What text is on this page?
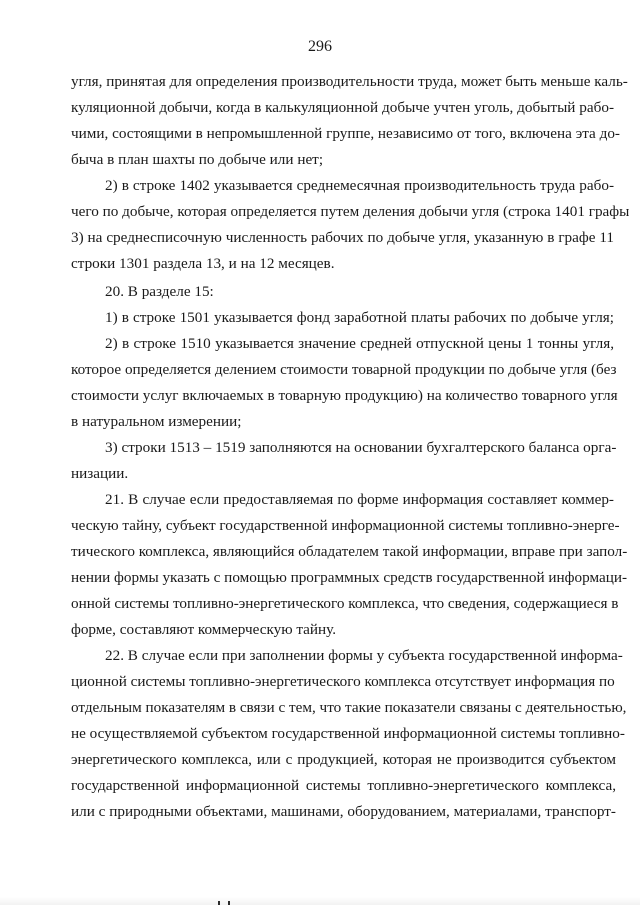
296
угля, принятая для определения производительности труда, может быть меньше каль-
куляционной добычи, когда в калькуляционной добыче учтен уголь, добытый рабо-
чими, состоящими в непромышленной группе, независимо от того, включена эта до-
быча в план шахты по добыче или нет;
2) в строке 1402 указывается среднемесячная производительность труда рабо-
чего по добыче, которая определяется путем деления добычи угля (строка 1401 графы
3) на среднесписочную численность рабочих по добыче угля, указанную в графе 11
строки 1301 раздела 13, и на 12 месяцев.
20. В разделе 15:
1) в строке 1501 указывается фонд заработной платы рабочих по добыче угля;
2) в строке 1510 указывается значение средней отпускной цены 1 тонны угля,
которое определяется делением стоимости товарной продукции по добыче угля (без
стоимости услуг включаемых в товарную продукцию) на количество товарного угля
в натуральном измерении;
3) строки 1513 – 1519 заполняются на основании бухгалтерского баланса орга-
низации.
21. В случае если предоставляемая по форме информация составляет коммер-
ческую тайну, субъект государственной информационной системы топливно-энерге-
тического комплекса, являющийся обладателем такой информации, вправе при запол-
нении формы указать с помощью программных средств государственной информаци-
онной системы топливно-энергетического комплекса, что сведения, содержащиеся в
форме, составляют коммерческую тайну.
22. В случае если при заполнении формы у субъекта государственной информа-
ционной системы топливно-энергетического комплекса отсутствует информация по
отдельным показателям в связи с тем, что такие показатели связаны с деятельностью,
не осуществляемой субъектом государственной информационной системы топливно-
энергетического комплекса, или с продукцией, которая не производится субъектом
государственной информационной системы топливно-энергетического комплекса,
или с природными объектами, машинами, оборудованием, материалами, транспорт-
